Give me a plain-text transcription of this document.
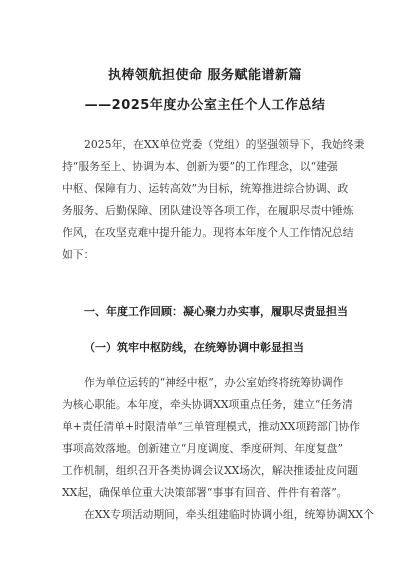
执梼领航担使命 服务赋能谱新篇
——2025年度办公室主任个人工作总结
2025年，在XX单位党委（党组）的坚强领导下，我始终秉
持“服务至上、协调为本、创新为要”的工作理念，以“建强
中枢、保障有力、运转高效”为目标，统筹推进综合协调、政
务服务、后勤保障、团队建设等各项工作，在履职尽责中锤炼
作风，在攻坚克难中提升能力。现将本年度个人工作情况总结
如下：
一、年度工作回顾：凝心聚力办实事，履职尽责显担当
（一）筑牢中枢防线，在统筹协调中彰显担当
作为单位运转的“神经中枢”，办公室始终将统筹协调作
为核心职能。本年度，牵头协调XX项重点任务，建立“任务清
单+责任清单+时限清单”三单管理模式，推动XX项跨部门协作
事项高效落地。创新建立“月度调度、季度研判、年度复盘”
工作机制，组织召开各类协调会议XX场次，解决推诿扯皮问题
XX起，确保单位重大决策部署“事事有回音、件件有着落”。
在XX专项活动期间，牵头组建临时协调小组，统筹协调XX个
